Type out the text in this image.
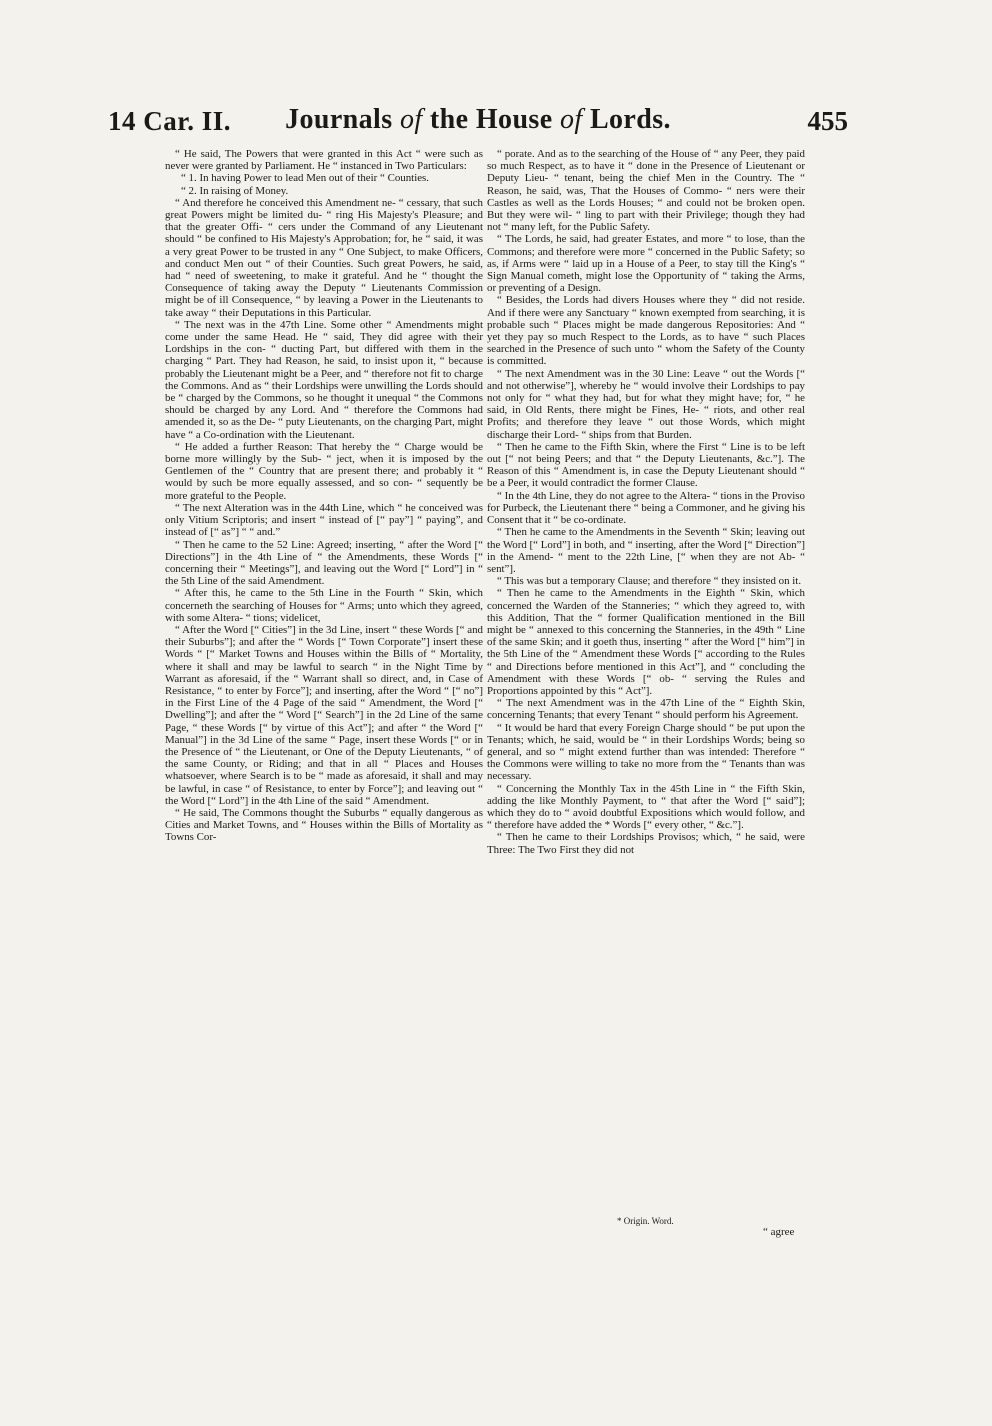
14 Car. II.	Journals of the House of Lords.	455

“ He said, The Powers that were granted in this Act “ were such as never were granted by Parliament. He “ instanced in Two Particulars:

“ 1. In having Power to lead Men out of their “ Counties.

“ 2. In raising of Money.

“ And therefore he conceived this Amendment ne- “ cessary, that such great Powers might be limited du- “ ring His Majesty's Pleasure; and that the greater Offi- “ cers under the Command of any Lieutenant should “ be confined to His Majesty's Approbation; for, he “ said, it was a very great Power to be trusted in any “ One Subject, to make Officers, and conduct Men out “ of their Counties. Such great Powers, he said, had “ need of sweetening, to make it grateful. And he “ thought the Consequence of taking away the Deputy “ Lieutenants Commission might be of ill Consequence, “ by leaving a Power in the Lieutenants to take away “ their Deputations in this Particular.

“ The next was in the 47th Line. Some other “ Amendments might come under the same Head. He “ said, They did agree with their Lordships in the con- “ ducting Part, but differed with them in the charging “ Part. They had Reason, he said, to insist upon it, “ because probably the Lieutenant might be a Peer, and “ therefore not fit to charge the Commons. And as “ their Lordships were unwilling the Lords should be “ charged by the Commons, so he thought it unequal “ the Commons should be charged by any Lord. And “ therefore the Commons had amended it, so as the De- “ puty Lieutenants, on the charging Part, might have “ a Co-ordination with the Lieutenant.

“ He added a further Reason: That hereby the “ Charge would be borne more willingly by the Sub- “ ject, when it is imposed by the Gentlemen of the “ Country that are present there; and probably it “ would by such be more equally assessed, and so con- “ sequently be more grateful to the People.

“ The next Alteration was in the 44th Line, which “ he conceived was only Vitium Scriptoris; and insert “ instead of [“ pay”] “ paying”, and instead of [“ as”] “ “ and.”

“ Then he came to the 52 Line: Agreed; inserting, “ after the Word [“ Directions”] in the 4th Line of “ the Amendments, these Words [“ concerning their “ Meetings”], and leaving out the Word [“ Lord”] in “ the 5th Line of the said Amendment.

“ After this, he came to the 5th Line in the Fourth “ Skin, which concerneth the searching of Houses for “ Arms; unto which they agreed, with some Altera- “ tions; videlicet,

“ After the Word [“ Cities”] in the 3d Line, insert “ these Words [“ and their Suburbs”]; and after the “ Words [“ Town Corporate”] insert these Words “ [“ Market Towns and Houses within the Bills of “ Mortality, where it shall and may be lawful to search “ in the Night Time by Warrant as aforesaid, if the “ Warrant shall so direct, and, in Case of Resistance, “ to enter by Force”]; and inserting, after the Word “ [“ no”] in the First Line of the 4 Page of the said “ Amendment, the Word [“ Dwelling”]; and after the “ Word [“ Search”] in the 2d Line of the same Page, “ these Words [“ by virtue of this Act”]; and after “ the Word [“ Manual”] in the 3d Line of the same “ Page, insert these Words [“ or in the Presence of “ the Lieutenant, or One of the Deputy Lieutenants, “ of the same County, or Riding; and that in all “ Places and Houses whatsoever, where Search is to be “ made as aforesaid, it shall and may be lawful, in case “ of Resistance, to enter by Force”]; and leaving out “ the Word [“ Lord”] in the 4th Line of the said “ Amendment.

“ He said, The Commons thought the Suburbs “ equally dangerous as Cities and Market Towns, and “ Houses within the Bills of Mortality as Towns Cor-

“ porate. And as to the searching of the House of “ any Peer, they paid so much Respect, as to have it “ done in the Presence of Lieutenant or Deputy Lieu- “ tenant, being the chief Men in the Country. The “ Reason, he said, was, That the Houses of Commo- “ ners were their Castles as well as the Lords Houses; “ and could not be broken open. But they were wil- “ ling to part with their Privilege; though they had not “ many left, for the Public Safety.

“ The Lords, he said, had greater Estates, and more “ to lose, than the Commons; and therefore were more “ concerned in the Public Safety; so as, if Arms were “ laid up in a House of a Peer, to stay till the King's “ Sign Manual cometh, might lose the Opportunity of “ taking the Arms, or preventing of a Design.

“ Besides, the Lords had divers Houses where they “ did not reside. And if there were any Sanctuary “ known exempted from searching, it is probable such “ Places might be made dangerous Repositories: And “ yet they pay so much Respect to the Lords, as to have “ such Places searched in the Presence of such unto “ whom the Safety of the County is committed.

“ The next Amendment was in the 30 Line: Leave “ out the Words [“ and not otherwise”], whereby he “ would involve their Lordships to pay not only for “ what they had, but for what they might have; for, “ he said, in Old Rents, there might be Fines, He- “ riots, and other real Profits; and therefore they leave “ out those Words, which might discharge their Lord- “ ships from that Burden.

“ Then he came to the Fifth Skin, where the First “ Line is to be left out [“ not being Peers; and that “ the Deputy Lieutenants, &c.”]. The Reason of this “ Amendment is, in case the Deputy Lieutenant should “ be a Peer, it would contradict the former Clause.

“ In the 4th Line, they do not agree to the Altera- “ tions in the Proviso for Purbeck, the Lieutenant there “ being a Commoner, and he giving his Consent that it “ be co-ordinate.

“ Then he came to the Amendments in the Seventh “ Skin; leaving out the Word [“ Lord”] in both, and “ inserting, after the Word [“ Direction”] in the Amend- “ ment to the 22th Line, [“ when they are not Ab- “ sent”].

“ This was but a temporary Clause; and therefore “ they insisted on it.

“ Then he came to the Amendments in the Eighth “ Skin, which concerned the Warden of the Stanneries; “ which they agreed to, with this Addition, That the “ former Qualification mentioned in the Bill might be “ annexed to this concerning the Stanneries, in the 49th “ Line of the same Skin; and it goeth thus, inserting “ after the Word [“ him”] in the 5th Line of the “ Amendment these Words [“ according to the Rules “ and Directions before mentioned in this Act”], and “ concluding the Amendment with these Words [“ ob- “ serving the Rules and Proportions appointed by this “ Act”].

“ The next Amendment was in the 47th Line of the “ Eighth Skin, concerning Tenants; that every Tenant “ should perform his Agreement.

“ It would be hard that every Foreign Charge should “ be put upon the Tenants; which, he said, would be “ in their Lordships Words; being so general, and so “ might extend further than was intended: Therefore “ the Commons were willing to take no more from the “ Tenants than was necessary.

“ Concerning the Monthly Tax in the 45th Line in “ the Fifth Skin, adding the like Monthly Payment, to “ that after the Word [“ said”]; which they do to “ avoid doubtful Expositions which would follow, and “ therefore have added the * Words [“ every other, “ &c.”].

“ Then he came to their Lordships Provisos; which, “ he said, were Three: The Two First they did not

* Origin. Word.
“ agree
